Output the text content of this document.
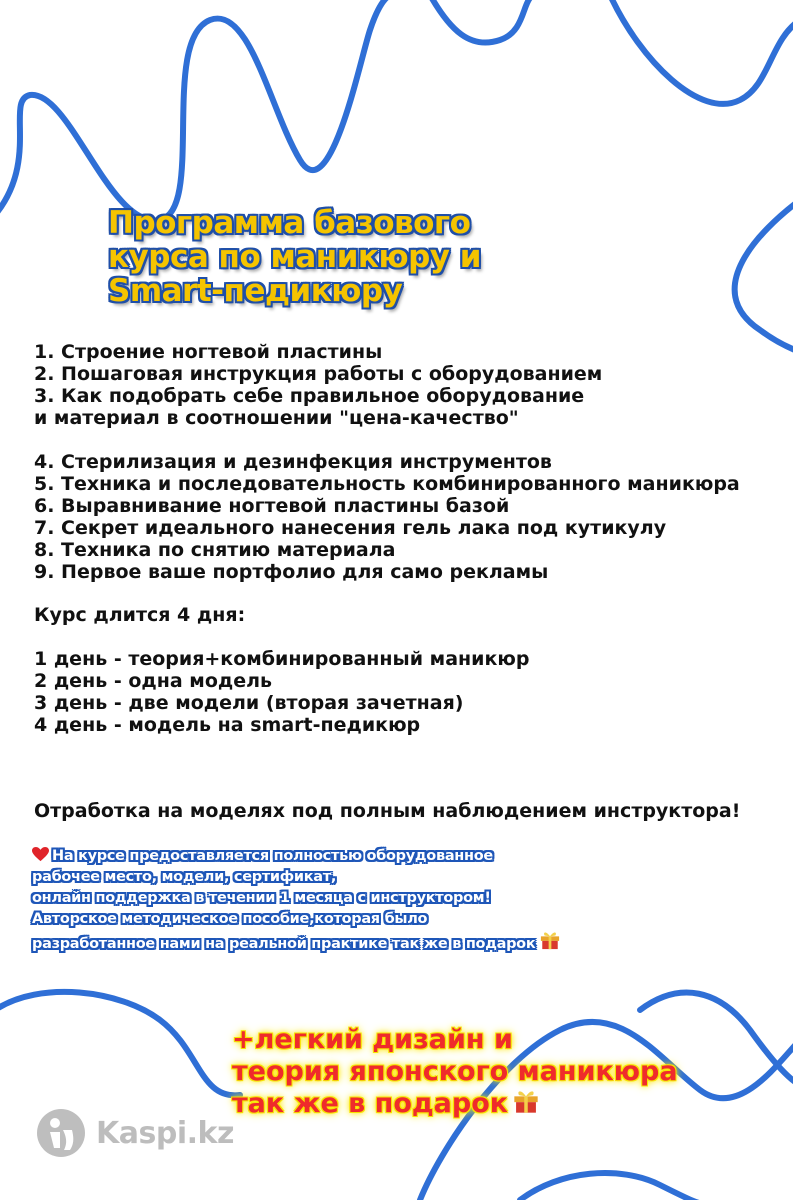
Программа базового
курса по маникюру и
Smart-педикюру
1. Строение ногтевой пластины
2. Пошаговая инструкция работы с оборудованием
3. Как подобрать себе правильное оборудование
и материал в соотношении "цена-качество"
4. Стерилизация и дезинфекция инструментов
5. Техника и последовательность комбинированного маникюра
6. Выравнивание ногтевой пластины базой
7. Секрет идеального нанесения гель лака под кутикулу
8. Техника по снятию материала
9. Первое ваше портфолио для само рекламы
Курс длится 4 дня:
1 день - теория+комбинированный маникюр
2 день - одна модель
3 день - две модели (вторая зачетная)
4 день - модель на smart-педикюр
Отработка на моделях под полным наблюдением инструктора!
На курсе предоставляется полностью оборудованное
рабочее место, модели, сертификат,
онлайн поддержка в течении 1 месяца с инструктором!
Авторское методическое пособие,которая было
разработанное нами на реальной практике так же в подарок
+легкий дизайн и
теория японского маникюра
так же в подарок
Kaspi.kz
